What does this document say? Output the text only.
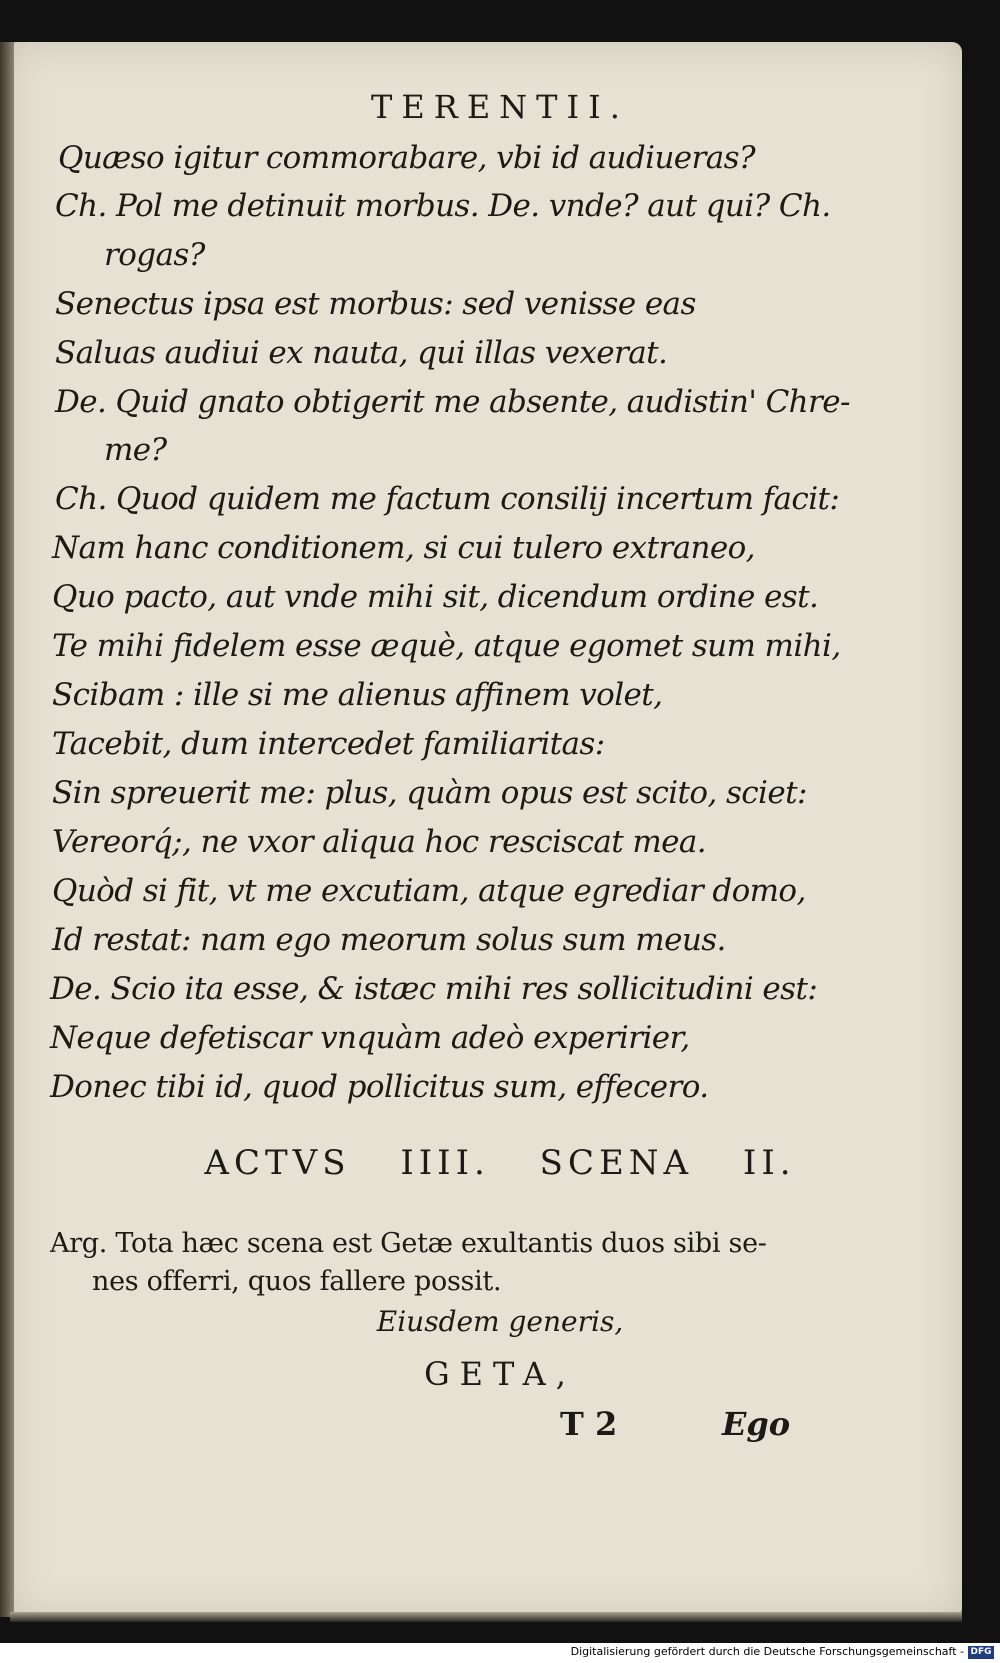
TERENTII.
Quæso igitur commorabare, vbi id audiueras?
Ch. Pol me detinuit morbus. De. vnde? aut qui? Ch.
rogas?
Senectus ipsa est morbus: sed venisse eas
Saluas audiui ex nauta, qui illas vexerat.
De. Quid gnato obtigerit me absente, audistin' Chre-
me?
Ch. Quod quidem me factum consilij incertum facit:
Nam hanc conditionem, si cui tulero extraneo,
Quo pacto, aut vnde mihi sit, dicendum ordine est.
Te mihi fidelem esse æquè, atque egomet sum mihi,
Scibam : ille si me alienus affinem volet,
Tacebit, dum intercedet familiaritas:
Sin spreuerit me: plus, quàm opus est scito, sciet:
Vereorq́;, ne vxor aliqua hoc resciscat mea.
Quòd si fit, vt me excutiam, atque egrediar domo,
Id restat: nam ego meorum solus sum meus.
De. Scio ita esse, & istæc mihi res sollicitudini est:
Neque defetiscar vnquàm adeò experirier,
Donec tibi id, quod pollicitus sum, effecero.
ACTVS IIII. SCENA II.
Arg. Tota hæc scena est Getæ exultantis duos sibi se-
nes offerri, quos fallere possit.
Eiusdem generis,
GETA,
T 2	Ego
Digitalisierung gefördert durch die Deutsche Forschungsgemeinschaft - DFG
